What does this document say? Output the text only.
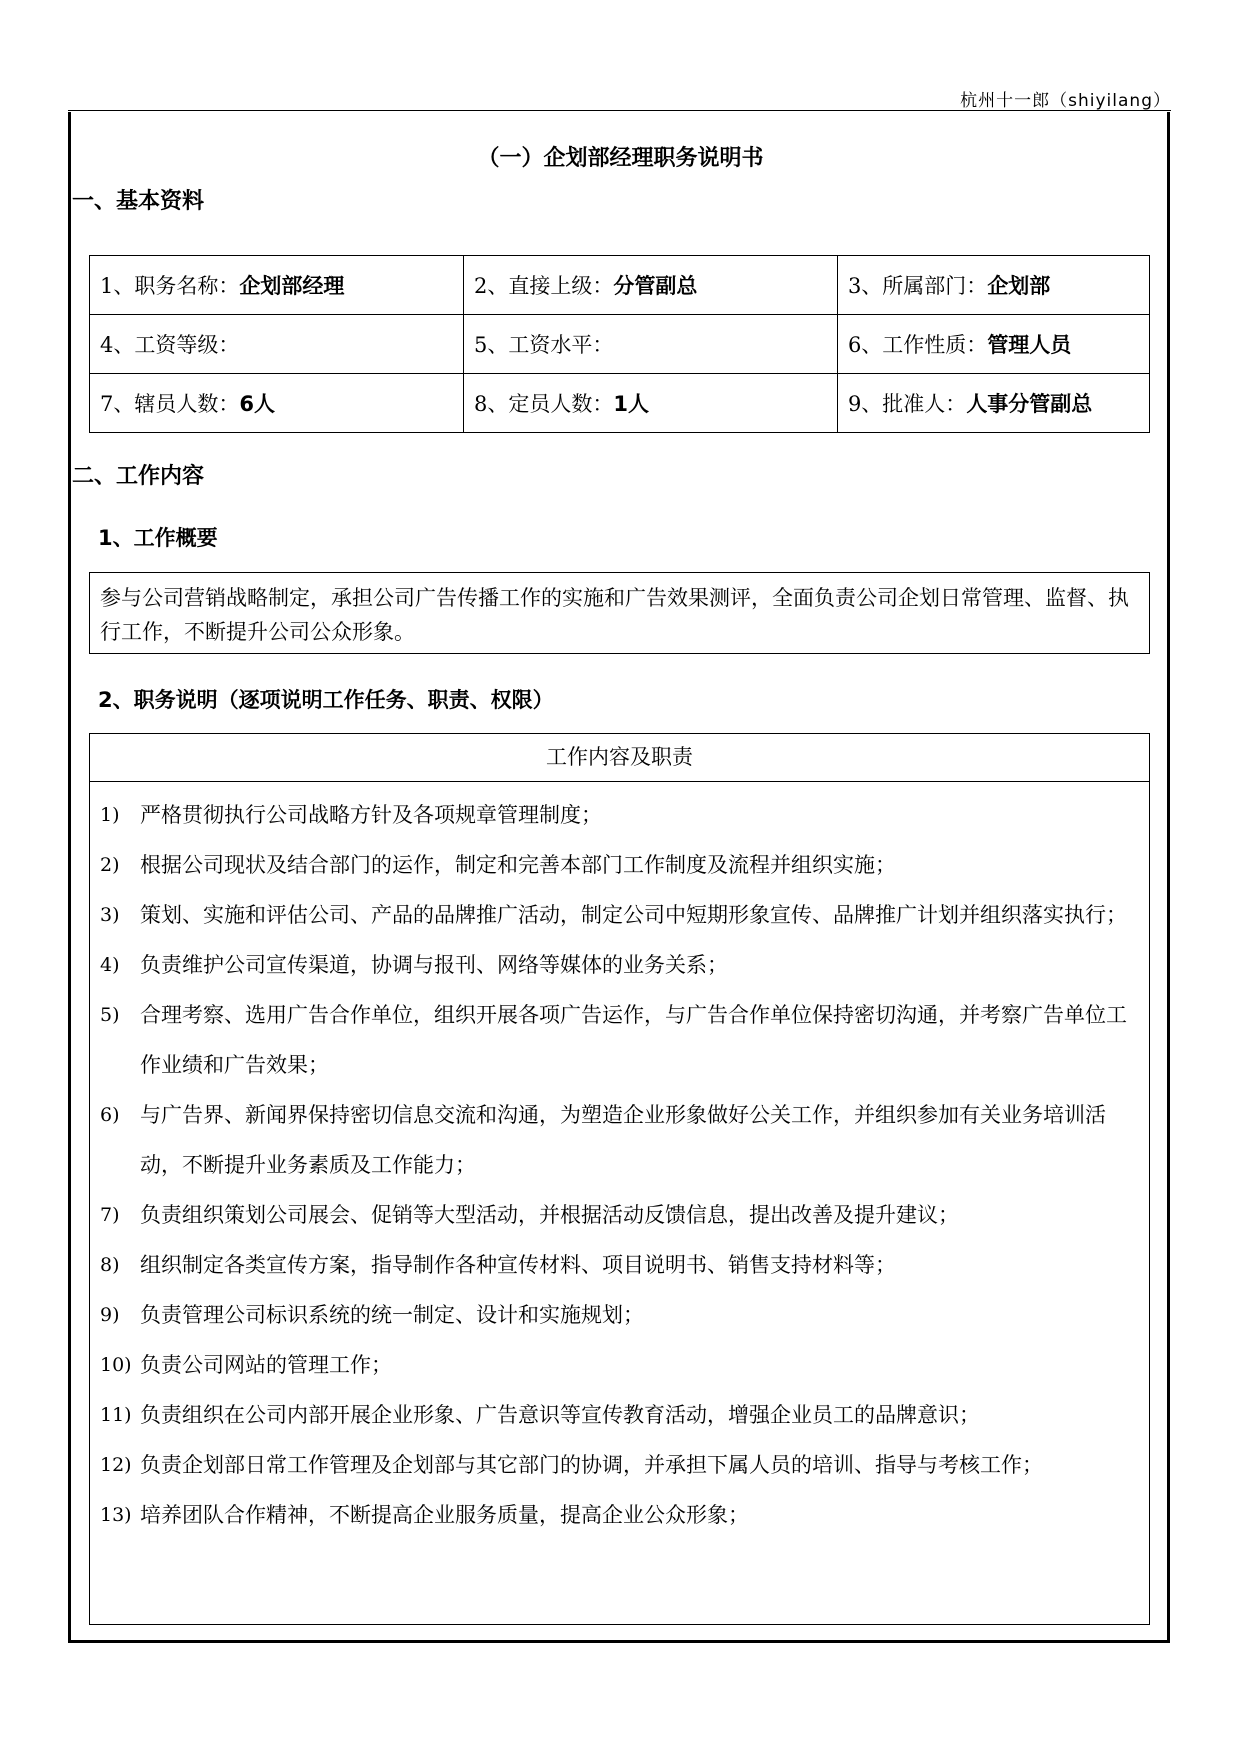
杭州十一郎（shiyilang）
（一）企划部经理职务说明书
一、基本资料
1、职务名称：企划部经理	2、直接上级：分管副总	3、所属部门：企划部
4、工资等级：	5、工资水平：	6、工作性质：管理人员
7、辖员人数：6人	8、定员人数：1人	9、批准人：人事分管副总
二、工作内容
1、工作概要
参与公司营销战略制定，承担公司广告传播工作的实施和广告效果测评，全面负责公司企划日常管理、监督、执行工作，不断提升公司公众形象。
2、职务说明（逐项说明工作任务、职责、权限）
工作内容及职责
1) 严格贯彻执行公司战略方针及各项规章管理制度；
2) 根据公司现状及结合部门的运作，制定和完善本部门工作制度及流程并组织实施；
3) 策划、实施和评估公司、产品的品牌推广活动，制定公司中短期形象宣传、品牌推广计划并组织落实执行；
4) 负责维护公司宣传渠道，协调与报刊、网络等媒体的业务关系；
5) 合理考察、选用广告合作单位，组织开展各项广告运作，与广告合作单位保持密切沟通，并考察广告单位工作业绩和广告效果；
6) 与广告界、新闻界保持密切信息交流和沟通，为塑造企业形象做好公关工作，并组织参加有关业务培训活动，不断提升业务素质及工作能力；
7) 负责组织策划公司展会、促销等大型活动，并根据活动反馈信息，提出改善及提升建议；
8) 组织制定各类宣传方案，指导制作各种宣传材料、项目说明书、销售支持材料等；
9) 负责管理公司标识系统的统一制定、设计和实施规划；
10) 负责公司网站的管理工作；
11) 负责组织在公司内部开展企业形象、广告意识等宣传教育活动，增强企业员工的品牌意识；
12) 负责企划部日常工作管理及企划部与其它部门的协调，并承担下属人员的培训、指导与考核工作；
13) 培养团队合作精神，不断提高企业服务质量，提高企业公众形象；
